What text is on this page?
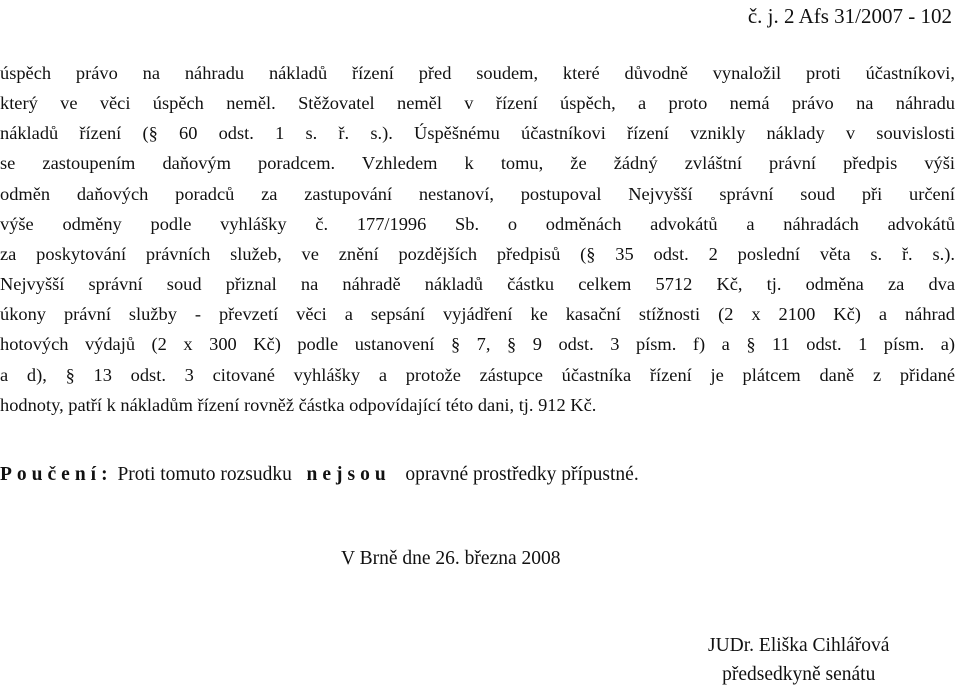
č. j. 2 Afs 31/2007 - 102
úspěch právo na náhradu nákladů řízení před soudem, které důvodně vynaložil proti účastníkovi,
který ve věci úspěch neměl. Stěžovatel neměl v řízení úspěch, a proto nemá právo na náhradu
nákladů řízení (§ 60 odst. 1 s. ř. s.). Úspěšnému účastníkovi řízení vznikly náklady v souvislosti
se zastoupením daňovým poradcem. Vzhledem k tomu, že žádný zvláštní právní předpis výši
odměn daňových poradců za zastupování nestanoví, postupoval Nejvyšší správní soud při určení
výše odměny podle vyhlášky č. 177/1996 Sb. o odměnách advokátů a náhradách advokátů
za poskytování právních služeb, ve znění pozdějších předpisů (§ 35 odst. 2 poslední věta s. ř. s.).
Nejvyšší správní soud přiznal na náhradě nákladů částku celkem 5712 Kč, tj. odměna za dva
úkony právní služby - převzetí věci a sepsání vyjádření ke kasační stížnosti (2 x 2100 Kč) a náhrad
hotových výdajů (2 x 300 Kč) podle ustanovení § 7, § 9 odst. 3 písm. f) a § 11 odst. 1 písm. a)
a d), § 13 odst. 3 citované vyhlášky a protože zástupce účastníka řízení je plátcem daně z přidané
hodnoty, patří k nákladům řízení rovněž částka odpovídající této dani, tj. 912 Kč.
Poučení: Proti tomuto rozsudku nejsou opravné prostředky přípustné.
V Brně dne 26. března 2008
JUDr. Eliška Cihlářová
předsedkyně senátu
